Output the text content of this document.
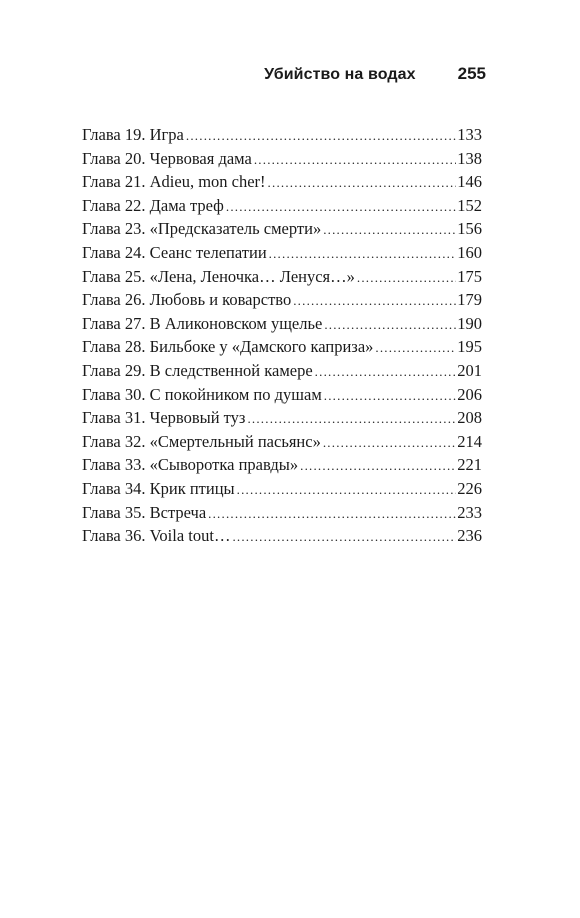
Убийство на водах 255
Глава 19. Игра .....	133
Глава 20. Червовая дама .....	138
Глава 21. Adieu, mon cher! .....	146
Глава 22. Дама треф .....	152
Глава 23. «Предсказатель смерти» .....	156
Глава 24. Сеанс телепатии .....	160
Глава 25. «Лена, Леночка… Ленуся…» .....	175
Глава 26. Любовь и коварство .....	179
Глава 27. В Аликоновском ущелье .....	190
Глава 28. Бильбоке у «Дамского каприза» .....	195
Глава 29. В следственной камере .....	201
Глава 30. С покойником по душам .....	206
Глава 31. Червовый туз .....	208
Глава 32. «Смертельный пасьянс» .....	214
Глава 33. «Сыворотка правды» .....	221
Глава 34. Крик птицы .....	226
Глава 35. Встреча .....	233
Глава 36. Voila tout… .....	236
